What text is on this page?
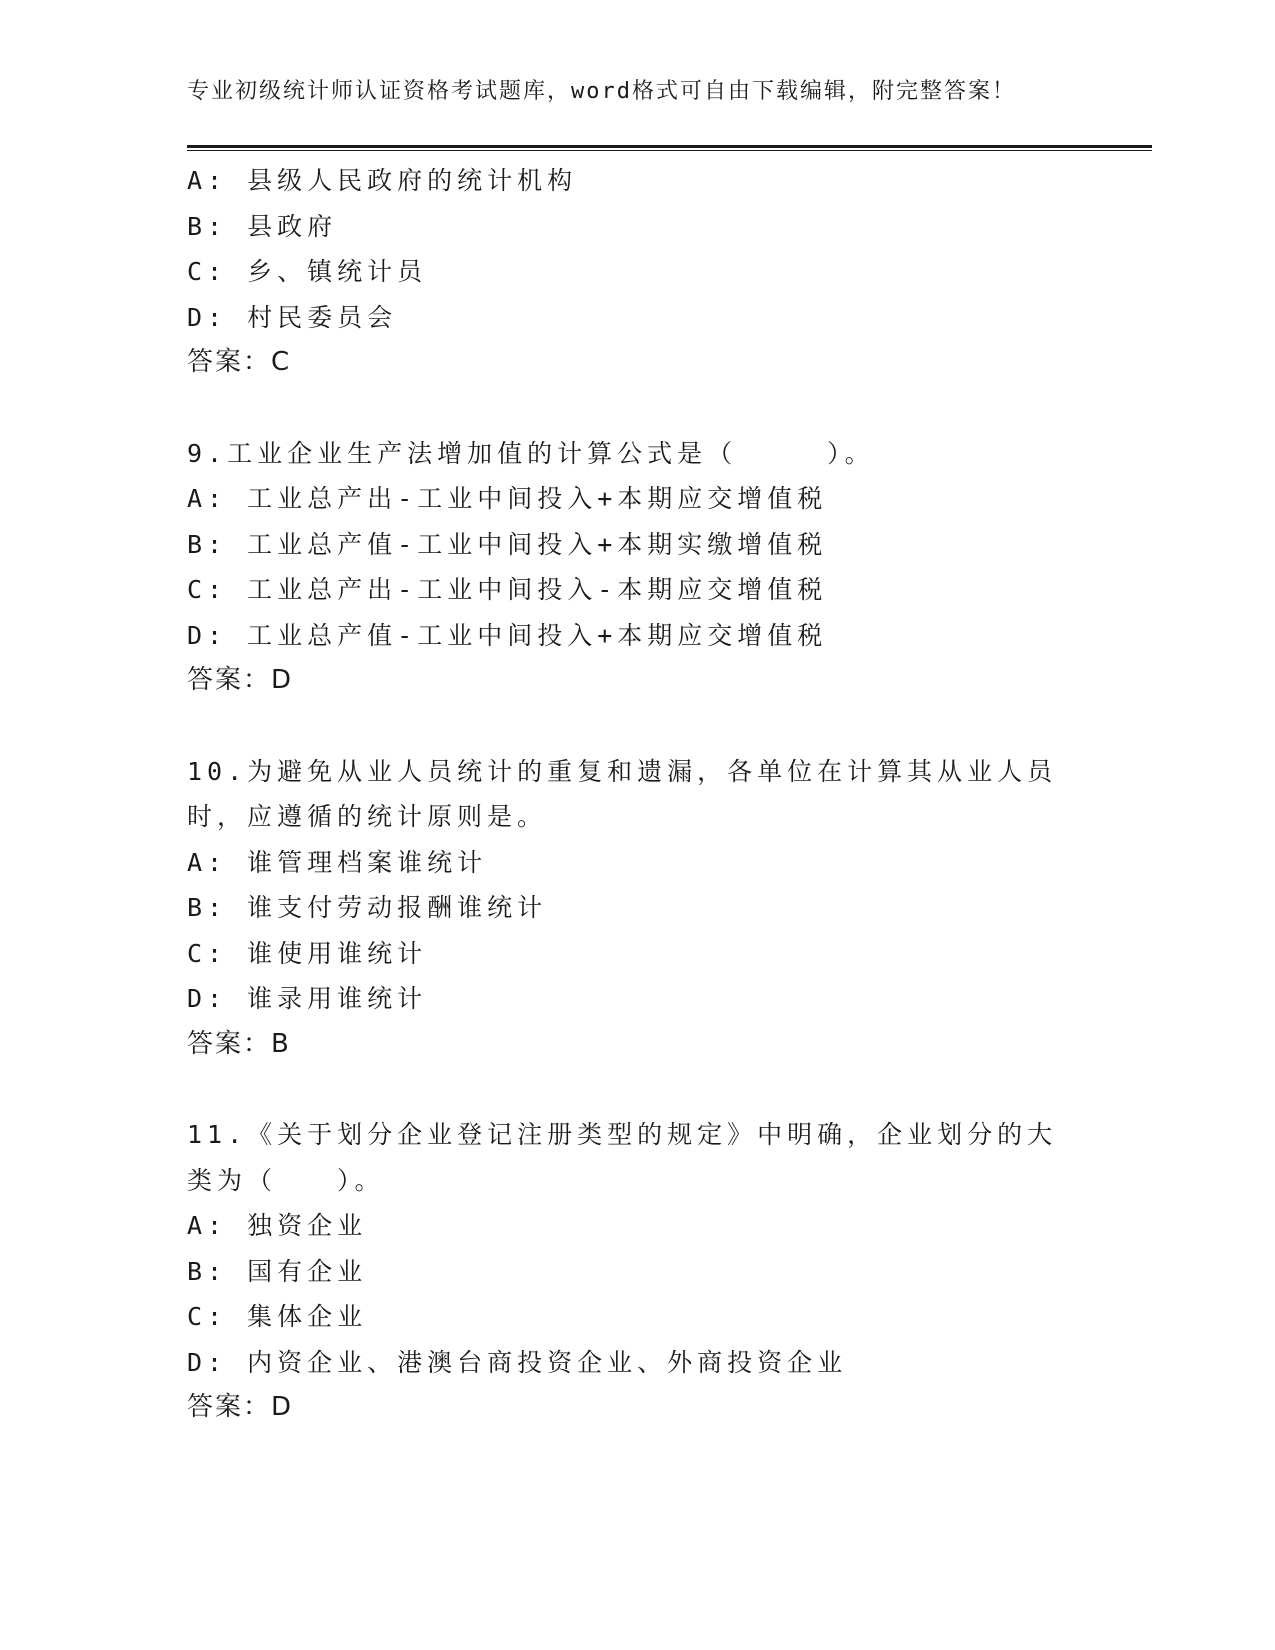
专业初级统计师认证资格考试题库，word格式可自由下载编辑，附完整答案！
A: 县级人民政府的统计机构
B: 县政府
C: 乡、镇统计员
D: 村民委员会
答案：C
9.工业企业生产法增加值的计算公式是（　　　）。
A: 工业总产出-工业中间投入+本期应交增值税
B: 工业总产值-工业中间投入+本期实缴增值税
C: 工业总产出-工业中间投入-本期应交增值税
D: 工业总产值-工业中间投入+本期应交增值税
答案：D
10.为避免从业人员统计的重复和遗漏，各单位在计算其从业人员时，应遵循的统计原则是。
A: 谁管理档案谁统计
B: 谁支付劳动报酬谁统计
C: 谁使用谁统计
D: 谁录用谁统计
答案：B
11.《关于划分企业登记注册类型的规定》中明确，企业划分的大类为（　　）。
A: 独资企业
B: 国有企业
C: 集体企业
D: 内资企业、港澳台商投资企业、外商投资企业
答案：D
